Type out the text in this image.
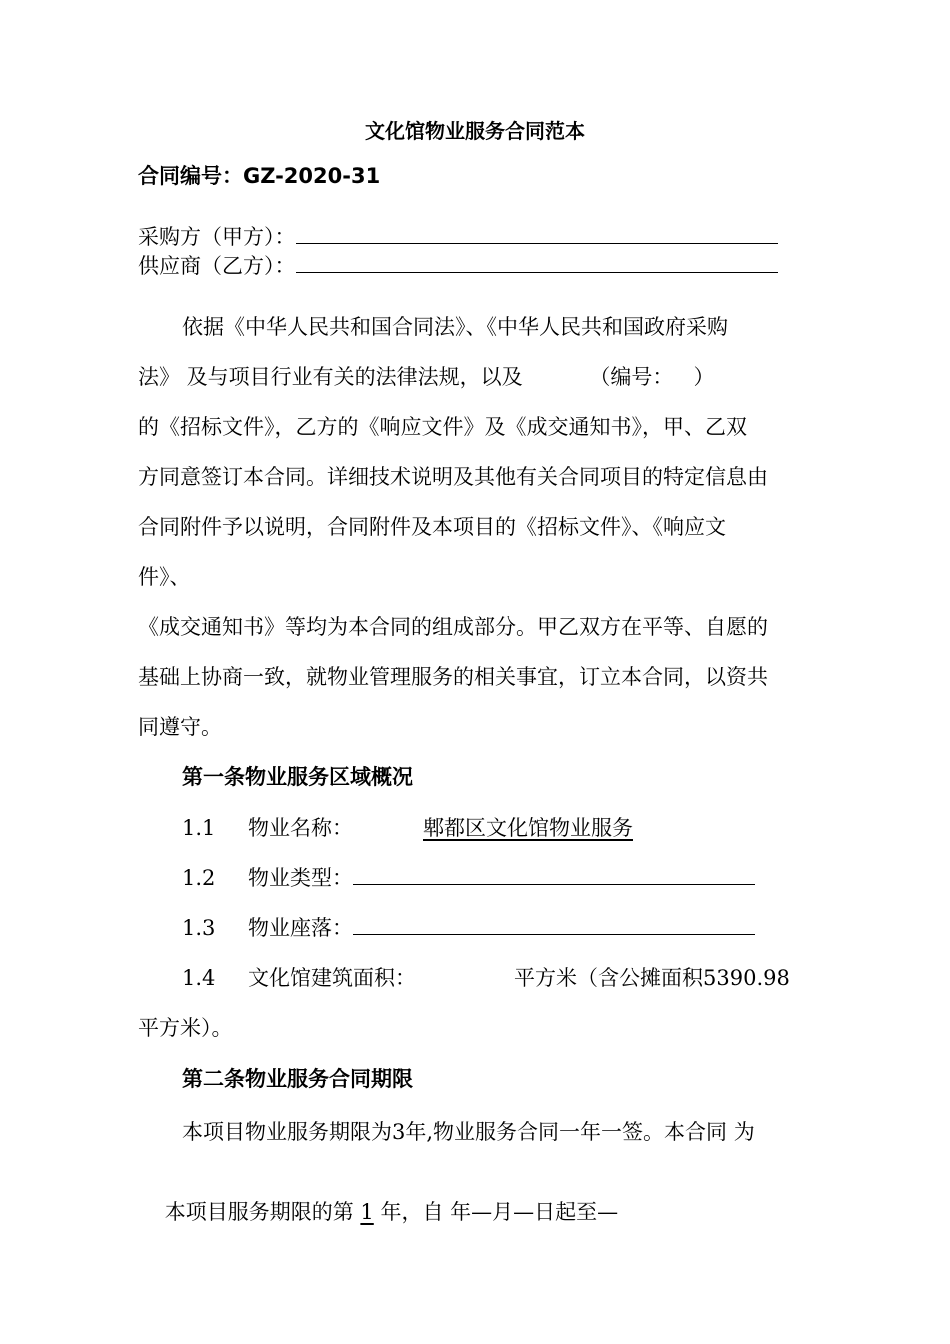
文化馆物业服务合同范本
合同编号：GZ-2020-31
采购方（甲方）：
供应商（乙方）：
依据《中华人民共和国合同法》、《中华人民共和国政府采购
法》 及与项目行业有关的法律法规，以及          （编号：   ）
的《招标文件》，乙方的《响应文件》及《成交通知书》，甲、乙双
方同意签订本合同。详细技术说明及其他有关合同项目的特定信息由
合同附件予以说明，合同附件及本项目的《招标文件》、《响应文
件》、
《成交通知书》等均为本合同的组成部分。甲乙双方在平等、自愿的
基础上协商一致，就物业管理服务的相关事宜，订立本合同，以资共
同遵守。
第一条物业服务区域概况
1.1 物业名称：	郫都区文化馆物业服务
1.2 物业类型：
1.3 物业座落：
1.4 文化馆建筑面积：	平方米（含公摊面积5390.98
平方米）。
第二条物业服务合同期限
本项目物业服务期限为3年,物业服务合同一年一签。本合同 为

本项目服务期限的第 1 年，自 年—月—日起至—
